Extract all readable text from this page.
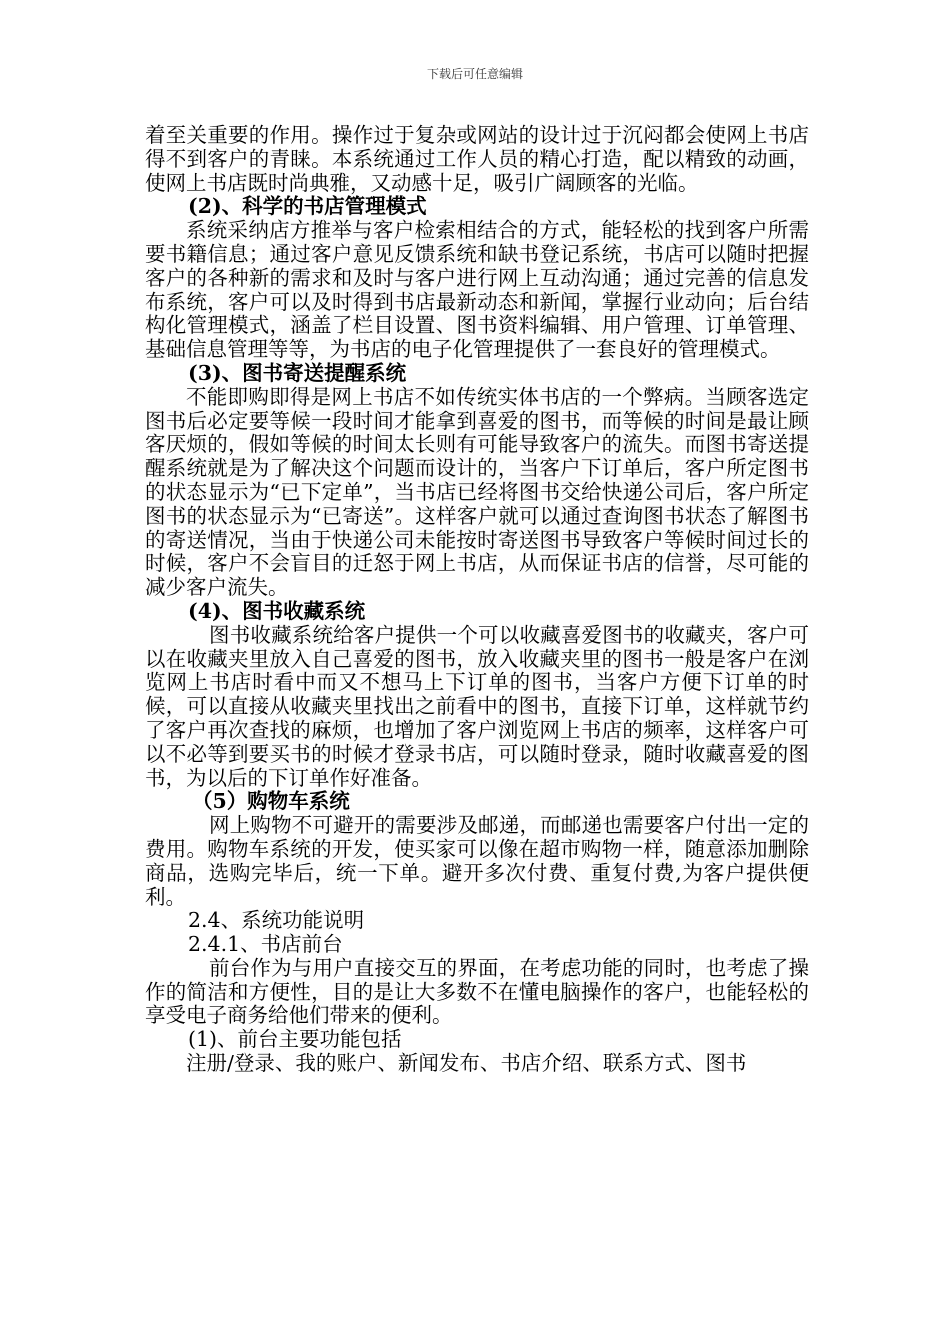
下载后可任意编辑

着至关重要的作用。操作过于复杂或网站的设计过于沉闷都会使网上书店得不到客户的青睐。本系统通过工作人员的精心打造，配以精致的动画，使网上书店既时尚典雅，又动感十足，吸引广阔顾客的光临。

(2)、科学的书店管理模式

系统采纳店方推举与客户检索相结合的方式，能轻松的找到客户所需要书籍信息；通过客户意见反馈系统和缺书登记系统，书店可以随时把握客户的各种新的需求和及时与客户进行网上互动沟通；通过完善的信息发布系统，客户可以及时得到书店最新动态和新闻，掌握行业动向；后台结构化管理模式，涵盖了栏目设置、图书资料编辑、用户管理、订单管理、基础信息管理等等，为书店的电子化管理提供了一套良好的管理模式。

(3)、图书寄送提醒系统

不能即购即得是网上书店不如传统实体书店的一个弊病。当顾客选定图书后必定要等候一段时间才能拿到喜爱的图书，而等候的时间是最让顾客厌烦的，假如等候的时间太长则有可能导致客户的流失。而图书寄送提醒系统就是为了解决这个问题而设计的，当客户下订单后，客户所定图书的状态显示为“已下定单”，当书店已经将图书交给快递公司后，客户所定图书的状态显示为“已寄送”。这样客户就可以通过查询图书状态了解图书的寄送情况，当由于快递公司未能按时寄送图书导致客户等候时间过长的时候，客户不会盲目的迁怒于网上书店，从而保证书店的信誉，尽可能的减少客户流失。

(4)、图书收藏系统

图书收藏系统给客户提供一个可以收藏喜爱图书的收藏夹，客户可以在收藏夹里放入自己喜爱的图书，放入收藏夹里的图书一般是客户在浏览网上书店时看中而又不想马上下订单的图书，当客户方便下订单的时候，可以直接从收藏夹里找出之前看中的图书，直接下订单，这样就节约了客户再次查找的麻烦，也增加了客户浏览网上书店的频率，这样客户可以不必等到要买书的时候才登录书店，可以随时登录，随时收藏喜爱的图书，为以后的下订单作好准备。

（5）购物车系统

网上购物不可避开的需要涉及邮递，而邮递也需要客户付出一定的费用。购物车系统的开发，使买家可以像在超市购物一样，随意添加删除商品，选购完毕后，统一下单。避开多次付费、重复付费,为客户提供便利。

2.4、系统功能说明

2.4.1、书店前台

前台作为与用户直接交互的界面，在考虑功能的同时，也考虑了操作的简洁和方便性，目的是让大多数不在懂电脑操作的客户，也能轻松的享受电子商务给他们带来的便利。

(1)、前台主要功能包括

注册/登录、我的账户、新闻发布、书店介绍、联系方式、图书
